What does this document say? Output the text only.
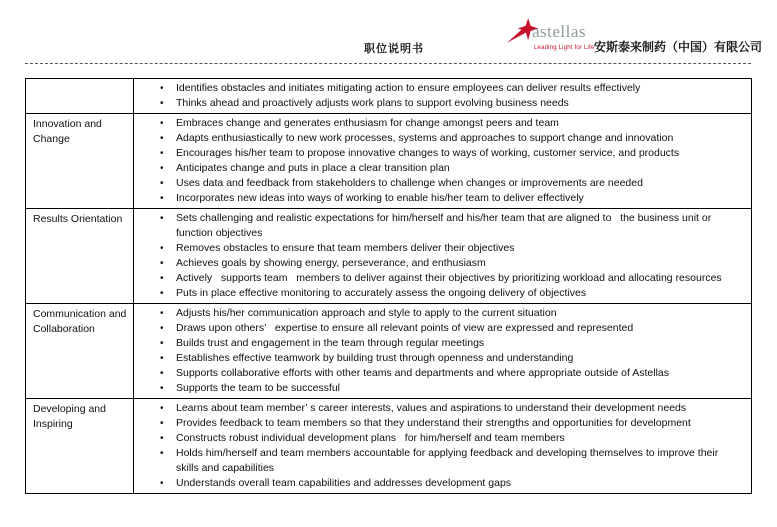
职位说明书
astellas
Leading Light for Life 安斯泰来制药（中国）有限公司

• Identifies obstacles and initiates mitigating action to ensure employees can deliver results effectively
• Thinks ahead and proactively adjusts work plans to support evolving business needs

Innovation and Change	
• Embraces change and generates enthusiasm for change amongst peers and team
• Adapts enthusiastically to new work processes, systems and approaches to support change and innovation
• Encourages his/her team to propose innovative changes to ways of working, customer service, and products
• Anticipates change and puts in place a clear transition plan
• Uses data and feedback from stakeholders to challenge when changes or improvements are needed
• Incorporates new ideas into ways of working to enable his/her team to deliver effectively

Results Orientation	
•Sets challenging and realistic expectations for him/herself and his/her team that are aligned to   the business unit or function objectives
• Removes obstacles to ensure that team members deliver their objectives
• Achieves goals by showing energy, perseverance, and enthusiasm
• Actively   supports team   members to deliver against their objectives by prioritizing workload and allocating resources
• Puts in place effective monitoring to accurately assess the ongoing delivery of objectives

Communication and Collaboration	
• Adjusts his/her communication approach and style to apply to the current situation
• Draws upon others’   expertise to ensure all relevant points of view are expressed and represented
• Builds trust and engagement in the team through regular meetings
• Establishes effective teamwork by building trust through openness and understanding
• Supports collaborative efforts with other teams and departments and where appropriate outside of Astellas
• Supports the team to be successful

Developing and Inspiring	
• Learns about team member’ s career interests, values and aspirations to understand their development needs
• Provides feedback to team members so that they understand their strengths and opportunities for development
• Constructs robust individual development plans   for him/herself and team members
• Holds him/herself and team members accountable for applying feedback and developing themselves to improve their skills and capabilities
• Understands overall team capabilities and addresses development gaps
